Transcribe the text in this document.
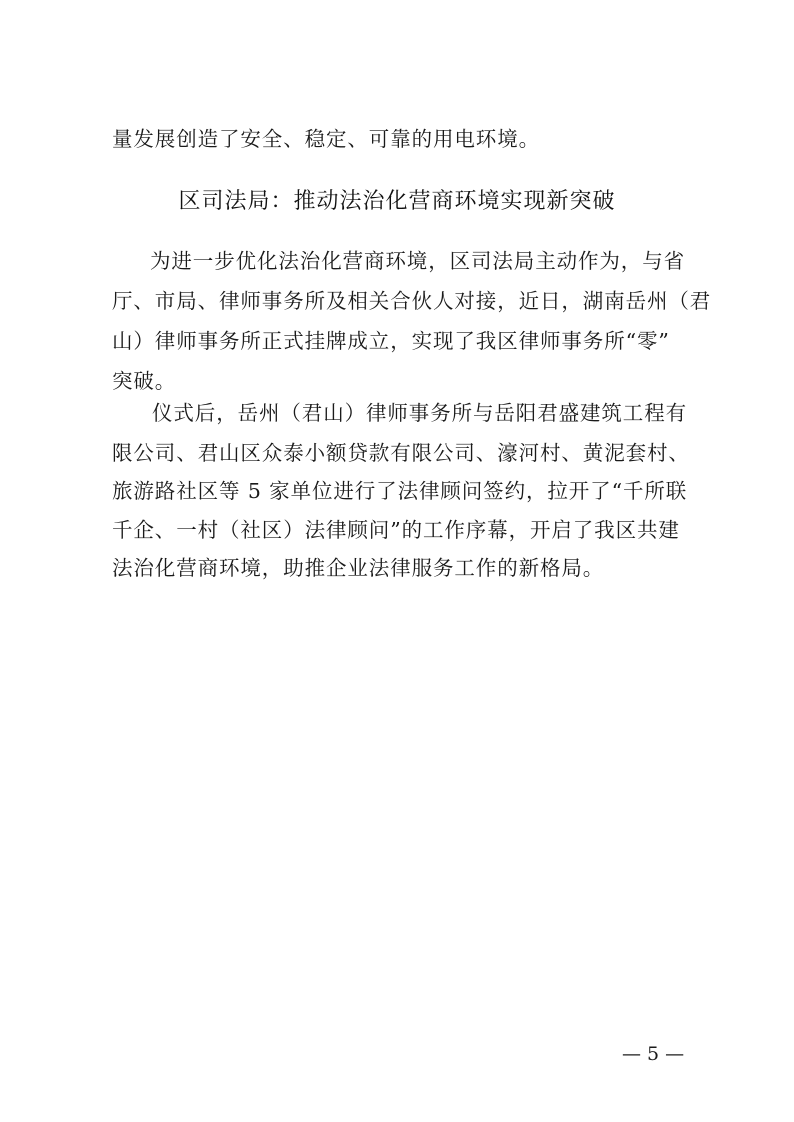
量发展创造了安全、稳定、可靠的用电环境。
区司法局：推动法治化营商环境实现新突破
为进一步优化法治化营商环境，区司法局主动作为，与省
厅、市局、律师事务所及相关合伙人对接，近日，湖南岳州（君
山）律师事务所正式挂牌成立，实现了我区律师事务所“零”
突破。
仪式后，岳州（君山）律师事务所与岳阳君盛建筑工程有
限公司、君山区众泰小额贷款有限公司、濠河村、黄泥套村、
旅游路社区等 5 家单位进行了法律顾问签约，拉开了“千所联
千企、一村（社区）法律顾问”的工作序幕，开启了我区共建
法治化营商环境，助推企业法律服务工作的新格局。
— 5 —
